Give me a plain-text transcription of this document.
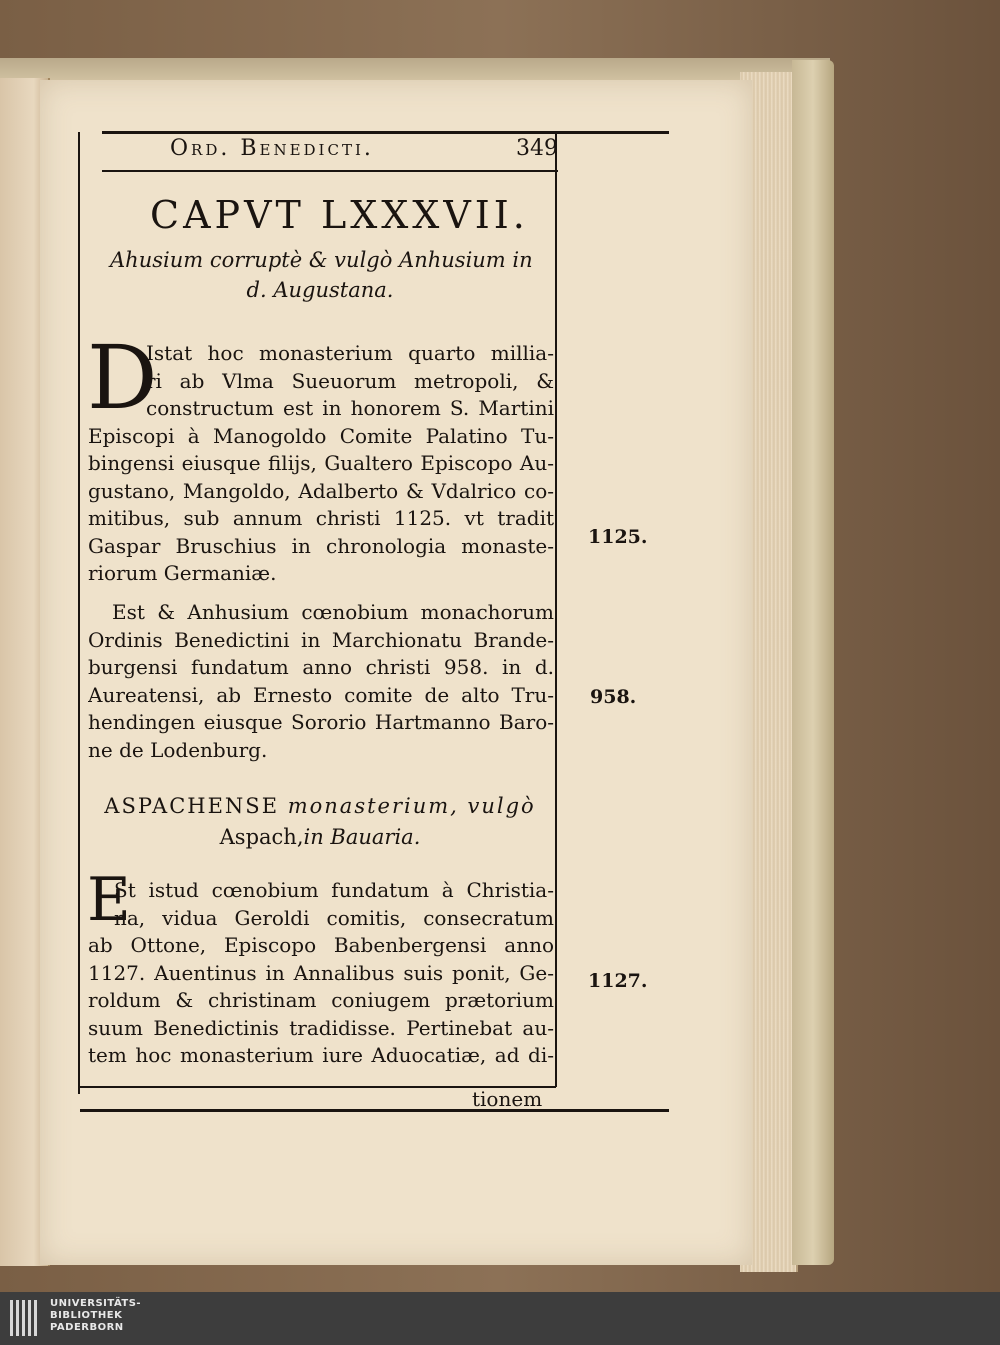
Ord. Benedicti.	349
CAPVT LXXXVII.
Ahusium corruptè & vulgò Anhusium in
d. Augustana.
D
Istat hoc monasterium quarto millia-
ri ab Vlma Sueuorum metropoli, &
constructum est in honorem S. Martini
Episcopi à Manogoldo Comite Palatino Tu-
bingensi eiusque filijs, Gualtero Episcopo Au-
gustano, Mangoldo, Adalberto & Vdalrico co-
mitibus, sub annum christi 1125. vt tradit
Gaspar Bruschius in chronologia monaste-
riorum Germaniæ.
Est & Anhusium cœnobium monachorum
Ordinis Benedictini in Marchionatu Brande-
burgensi fundatum anno christi 958. in d.
Aureatensi, ab Ernesto comite de alto Tru-
hendingen eiusque Sororio Hartmanno Baro-
ne de Lodenburg.
ASPACHENSE monasterium, vulgò
Aspach,in Bauaria.
E
St istud cœnobium fundatum à Christia-
na, vidua Geroldi comitis, consecratum
ab Ottone, Episcopo Babenbergensi anno
1127. Auentinus in Annalibus suis ponit, Ge-
roldum & christinam coniugem prætorium
suum Benedictinis tradidisse. Pertinebat au-
tem hoc monasterium iure Aduocatiæ, ad di-
tionem
1125.
958.
1127.
UNIVERSITÄTS-
BIBLIOTHEK
PADERBORN
